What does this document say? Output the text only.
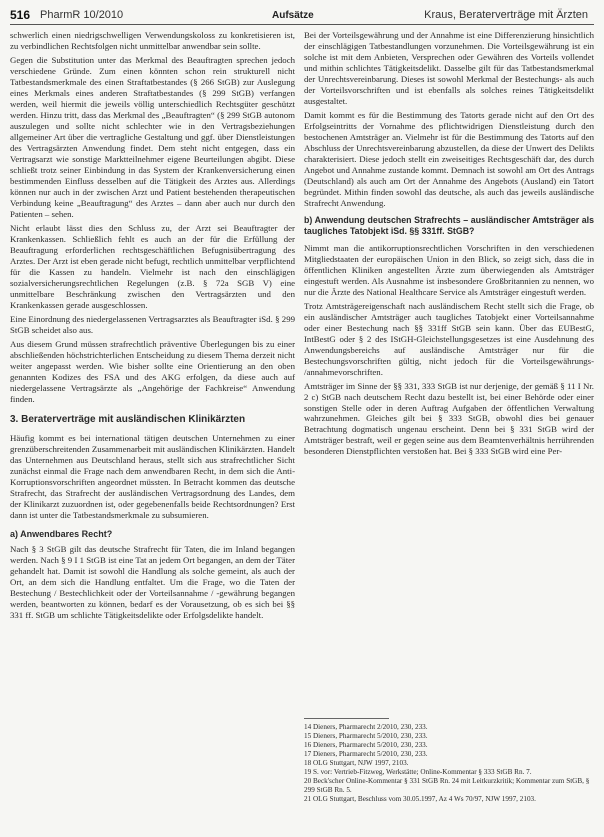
516 PharmR 10/2010	Aufsätze	Kraus, Beraterverträge mit Ärzten

schwerlich einen niedrigschwelligen Verwendungskoloss zu konkretisieren ist, zu verbindlichen Rechtsfolgen nicht unmittelbar anwendbar sein sollte.

Gegen die Substitution unter das Merkmal des Beauftragten sprechen jedoch verschiedene Gründe. Zum einen könnten schon rein strukturell nicht Tatbestandsmerkmale des einen Straftatbestandes (§ 266 StGB) zur Auslegung eines Merkmals eines anderen Straftatbestandes (§ 299 StGB) verfangen werden, weil hiermit die jeweils völlig unterschiedlich Rechtsgüter geschützt werden. Hinzu tritt, dass das Merkmal des „Beauftragten“ (§ 299 StGB autonom auszulegen und sollte nicht schlechter wie in den Vertragsbeziehungen allgemeiner Art über die vertragliche Gestaltung und ggf. über Dienstleistungen des Vertragsärzten Anwendung findet. Dem steht nicht entgegen, dass ein Vertragsarzt wie sonstige Marktteilnehmer eigene Beurteilungen abgibt. Diese schließt trotz seiner Einbindung in das System der Krankenversicherung einen bestimmenden Einfluss desselben auf die Tätigkeit des Arztes aus. Allerdings können nur auch in der zwischen Arzt und Patient bestehenden therapeutischen Verbindung keine „Beauftragung“ des Arztes – dann aber auch nur durch den Patienten – sehen.

Nicht erlaubt lässt dies den Schluss zu, der Arzt sei Beauftragter der Krankenkassen. Schließlich fehlt es auch an der für die Erfüllung der Beauftragung erforderlichen rechtsgeschäftlichen Befugnisübertragung des Arztes. Der Arzt ist eben gerade nicht befugt, rechtlich unmittelbar verpflichtend für die Kassen zu handeln. Vielmehr ist nach den einschlägigen sozialversicherungsrechtlichen Regelungen (z.B. § 72a SGB V) eine unmittelbare Beschränkung zwischen den Vertragsärzten und den Krankenkassen gerade ausgeschlossen.

Eine Einordnung des niedergelassenen Vertragsarztes als Beauftragter iSd. § 299 StGB scheidet also aus.

Aus diesem Grund müssen strafrechtlich präventive Überlegungen bis zu einer abschließenden höchstrichterlichen Entscheidung zu diesem Thema derzeit nicht weiter angepasst werden. Wie bisher sollte eine Orientierung an den oben genannten Kodizes des FSA und des AKG erfolgen, da diese auch auf niedergelassene Vertragsärzte als „Angehörige der Fachkreise“ Anwendung finden.

3. Beraterverträge mit ausländischen Klinikärzten

Häufig kommt es bei international tätigen deutschen Unternehmen zu einer grenzüberschreitenden Zusammenarbeit mit ausländischen Klinikärzten. Handelt das Unternehmen aus Deutschland heraus, stellt sich aus strafrechtlicher Sicht zunächst einmal die Frage nach dem anwendbaren Recht, in dem sich die Anti-Korruptionsvorschriften angeordnet müssten. In Betracht kommen das deutsche Strafrecht, das Strafrecht der ausländischen Vertragsordnung des Landes, dem der Klinikarzt zuzuordnen ist, oder gegebenenfalls beide Rechtsordnungen? Erst dann ist unter die Tatbestandsmerkmale zu subsumieren.

a) Anwendbares Recht?

Nach § 3 StGB gilt das deutsche Strafrecht für Taten, die im Inland begangen werden. Nach § 9 I 1 StGB ist eine Tat an jedem Ort begangen, an dem der Täter gehandelt hat. Damit ist sowohl die Handlung als solche gemeint, als auch der Ort, an dem sich die Handlung entfaltet. Um die Frage, wo die Taten der Bestechung / Bestechlichkeit oder der Vorteilsannahme / -gewährung begangen werden, beantworten zu können, bedarf es der Vorausetzung, ob es sich bei §§ 331 ff. StGB um schlichte Tätigkeitsdelikte oder Erfolgsdelikte handelt.

Bei der Vorteilsgewährung und der Annahme ist eine Differenzierung hinsichtlich der einschlägigen Tatbestandlungen vorzunehmen. Die Vorteilsgewährung ist ein solche ist mit dem Anbieten, Versprechen oder Gewähren des Vorteils vollendet und mithin schlichtes Tätigkeitsdelikt. Dasselbe gilt für das Tatbestandsmerkmal der Unrechtsvereinbarung. Dieses ist sowohl Merkmal der Bestechungs- als auch der Vorteilsvorschriften und ist ebenfalls als solches reines Tätigkeitsdelikt ausgestaltet.

Damit kommt es für die Bestimmung des Tatorts gerade nicht auf den Ort des Erfolgseintritts der Vornahme des pflichtwidrigen Dienstleistung durch den bestochenen Amtsträger an. Vielmehr ist für die Bestimmung des Tatorts auf den Abschluss der Unrechtsvereinbarung abzustellen, da diese der Unwert des Delikts charakterisiert. Diese jedoch stellt ein zweiseitiges Rechtsgeschäft dar, des durch Angebot und Annahme zustande kommt. Demnach ist sowohl am Ort des Antrags (Deutschland) als auch am Ort der Annahme des Angebots (Ausland) ein Tatort begründet. Mithin finden sowohl das deutsche, als auch das jeweils ausländische Strafrecht Anwendung.

b) Anwendung deutschen Strafrechts – ausländischer Amtsträger als taugliches Tatobjekt iSd. §§ 331ff. StGB?

Nimmt man die antikorruptionsrechtlichen Vorschriften in den verschiedenen Mitgliedstaaten der europäischen Union in den Blick, so zeigt sich, dass die in öffentlichen Kliniken angestellten Ärzte zum überwiegenden als Amtsträger eingestuft werden. Als Ausnahme ist insbesondere Großbritannien zu nennen, wo nur die Ärzte des National Healthcare Service als Amtsträger eingestuft werden.

Trotz Amtsträgereigenschaft nach ausländischem Recht stellt sich die Frage, ob ein ausländischer Amtsträger auch taugliches Tatobjekt einer Vorteilsannahme oder einer Bestechung nach §§ 331ff StGB sein kann. Über das EUBestG, IntBestG oder § 2 des IStGH-Gleichstellungsgesetzes ist eine Ausdehnung des Anwendungsbereichs auf ausländische Amtsträger nur für die Bestechungsvorschriften gültig, nicht jedoch für die Vorteilsgewährungs- /annahmevorschriften.

Amtsträger im Sinne der §§ 331, 333 StGB ist nur derjenige, der gemäß § 11 I Nr. 2 c) StGB nach deutschem Recht dazu bestellt ist, bei einer Behörde oder einer sonstigen Stelle oder in deren Auftrag Aufgaben der öffentlichen Verwaltung wahrzunehmen. Gleiches gilt bei § 333 StGB, obwohl dies bei genauer Betrachtung dogmatisch ungenau erscheint. Denn bei § 331 StGB wird der Amtsträger bestraft, weil er gegen seine aus dem Beamtenverhältnis herrührenden besonderen Dienstpflichten verstoßen hat. Bei § 333 StGB wird eine Per-

14 Dieners, Pharmarecht 2/2010, 230, 233.

15 Dieners, Pharmarecht 5/2010, 230, 233.

16 Dieners, Pharmarecht 5/2010, 230, 233.

17 Dieners, Pharmarecht 5/2010, 230, 233.

18 OLG Stuttgart, NJW 1997, 2103.

19 S. vor: Vertrieb-Fitzweg, Werkstätte; Online-Kommentar § 333 StGB Rn. 7.

20 Beck'scher Online-Kommentar § 331 StGB Rn. 24 mit Leitkurzkritik; Kommentar zum StGB, § 299 StGB Rn. 5.

21 OLG Stuttgart, Beschluss vom 30.05.1997, Az 4 Ws 70/97, NJW 1997, 2103.
